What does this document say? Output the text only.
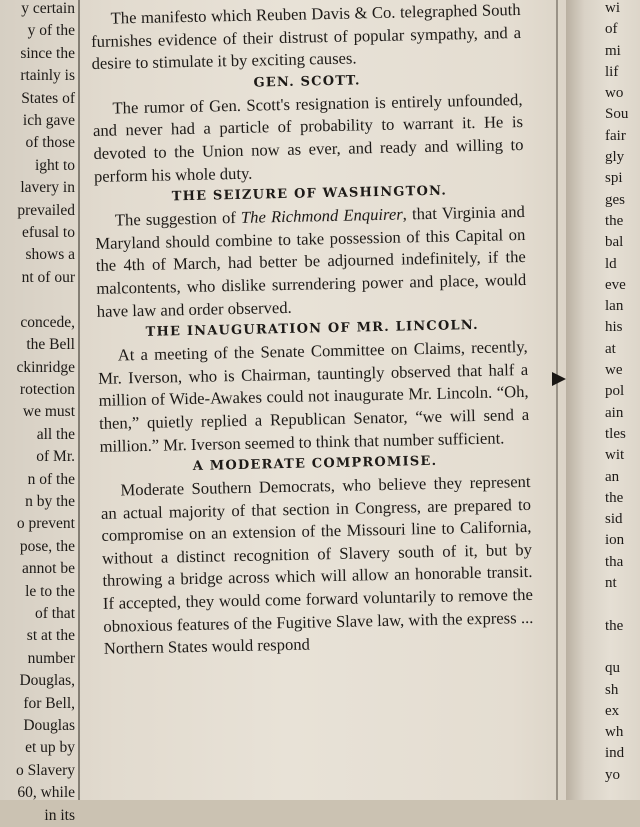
y certain
y of the
since the
rtainly is
States of
ich gave
of those
ight to
lavery in
prevailed
efusal to
shows a
nt of our

concede,
the Bell
ckinridge
rotection
we must
all the
of Mr.
n of the
n by the
o prevent
pose, the
annot be
le to the
of that
st at the
number
Douglas,
for Bell,
Douglas
et up by
o Slavery
60, while
in its
wi
of
mi
lif
wo
Sou
fair
gly
spi
ges
the
bal
ld
eve
lan
his
at
we
pol
ain
tles
wit
an
the
sid
ion
tha
nt

the

qu
sh
ex
wh
ind
yo

The manifesto which Reuben Davis & Co. telegraphed South furnishes evidence of their distrust of popular sympathy, and a desire to stimulate it by exciting causes.

GEN. SCOTT.

The rumor of Gen. Scott's resignation is entirely unfounded, and never had a particle of probability to warrant it. He is devoted to the Union now as ever, and ready and willing to perform his whole duty.

THE SEIZURE OF WASHINGTON.

The suggestion of The Richmond Enquirer, that Virginia and Maryland should combine to take possession of this Capital on the 4th of March, had better be adjourned indefinitely, if the malcontents, who dislike surrendering power and place, would have law and order observed.

THE INAUGURATION OF MR. LINCOLN.

At a meeting of the Senate Committee on Claims, recently, Mr. Iverson, who is Chairman, tauntingly observed that half a million of Wide-Awakes could not inaugurate Mr. Lincoln. “Oh, then,” quietly replied a Republican Senator, “we will send a million.” Mr. Iverson seemed to think that number sufficient.

A MODERATE COMPROMISE.

Moderate Southern Democrats, who believe they represent an actual majority of that section in Congress, are prepared to compromise on an extension of the Missouri line to California, without a distinct recognition of Slavery south of it, but by throwing a bridge across which will allow an honorable transit. If accepted, they would come forward voluntarily to remove the obnoxious features of the Fugitive Slave law, with the express ... Northern States would respond
